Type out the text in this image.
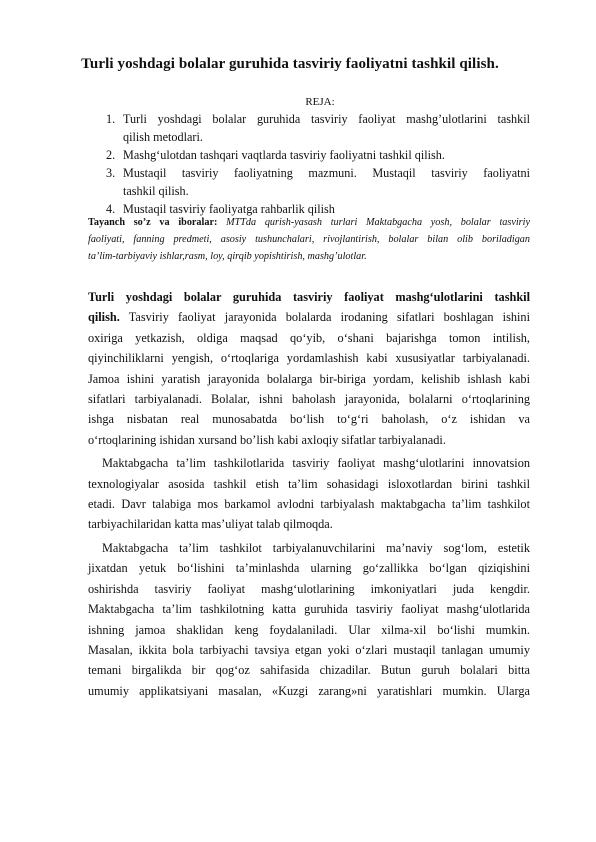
Turli yoshdagi bolalar guruhida tasviriy faoliyatni tashkil qilish.
REJA:
1. Turli yoshdagi bolalar guruhida tasviriy faoliyat mashg’ulotlarini tashkil
qilish metodlari.
2. Mashg‘ulotdan tashqari vaqtlarda tasviriy faoliyatni tashkil qilish.
3. Mustaqil tasviriy faoliyatning mazmuni. Mustaqil tasviriy faoliyatni
tashkil qilish.
4. Mustaqil tasviriy faoliyatga rahbarlik qilish
Tayanch so’z va iboralar: MTTda qurish-yasash turlari Maktabgacha yosh, bolalar tasviriy
faoliyati, fanning predmeti, asosiy tushunchalari, rivojlantirish, bolalar bilan olib boriladigan
ta’lim-tarbiyaviy ishlar,rasm, loy, qirqib yopishtirish, mashg’ulotlar.
Turli yoshdagi bolalar guruhida tasviriy faoliyat mashg‘ulotlarini tashkil
qilish. Tasviriy faoliyat jarayonida bolalarda irodaning sifatlari boshlagan ishini
oxiriga yetkazish, oldiga maqsad qo‘yib, o‘shani bajarishga tomon intilish,
qiyinchiliklarni yengish, o‘rtoqlariga yordamlashish kabi xususiyatlar tarbiyalanadi.
Jamoa ishini yaratish jarayonida bolalarga bir-biriga yordam, kelishib ishlash kabi
sifatlari tarbiyalanadi. Bolalar, ishni baholash jarayonida, bolalarni o‘rtoqlarining
ishga nisbatan real munosabatda bo‘lish to‘g‘ri baholash, o‘z ishidan va
o‘rtoqlarining ishidan xursand bo’lish kabi axloqiy sifatlar tarbiyalanadi.
Maktabgacha ta’lim tashkilotlarida tasviriy faoliyat mashg‘ulotlarini innovatsion
texnologiyalar asosida tashkil etish ta’lim sohasidagi isloxotlardan birini tashkil
etadi. Davr talabiga mos barkamol avlodni tarbiyalash maktabgacha ta’lim tashkilot
tarbiyachilaridan katta mas’uliyat talab qilmoqda.
Maktabgacha ta’lim tashkilot tarbiyalanuvchilarini ma’naviy sog‘lom, estetik
jixatdan yetuk bo‘lishini ta’minlashda ularning go‘zallikka bo‘lgan qiziqishini
oshirishda tasviriy faoliyat mashg‘ulotlarining imkoniyatlari juda kengdir.
Maktabgacha ta’lim tashkilotning katta guruhida tasviriy faoliyat mashg‘ulotlarida
ishning jamoa shaklidan keng foydalaniladi. Ular xilma-xil bo‘lishi mumkin.
Masalan, ikkita bola tarbiyachi tavsiya etgan yoki o‘zlari mustaqil tanlagan umumiy
temani birgalikda bir qog‘oz sahifasida chizadilar. Butun guruh bolalari bitta
umumiy applikatsiyani masalan, «Kuzgi zarang»ni yaratishlari mumkin. Ularga
